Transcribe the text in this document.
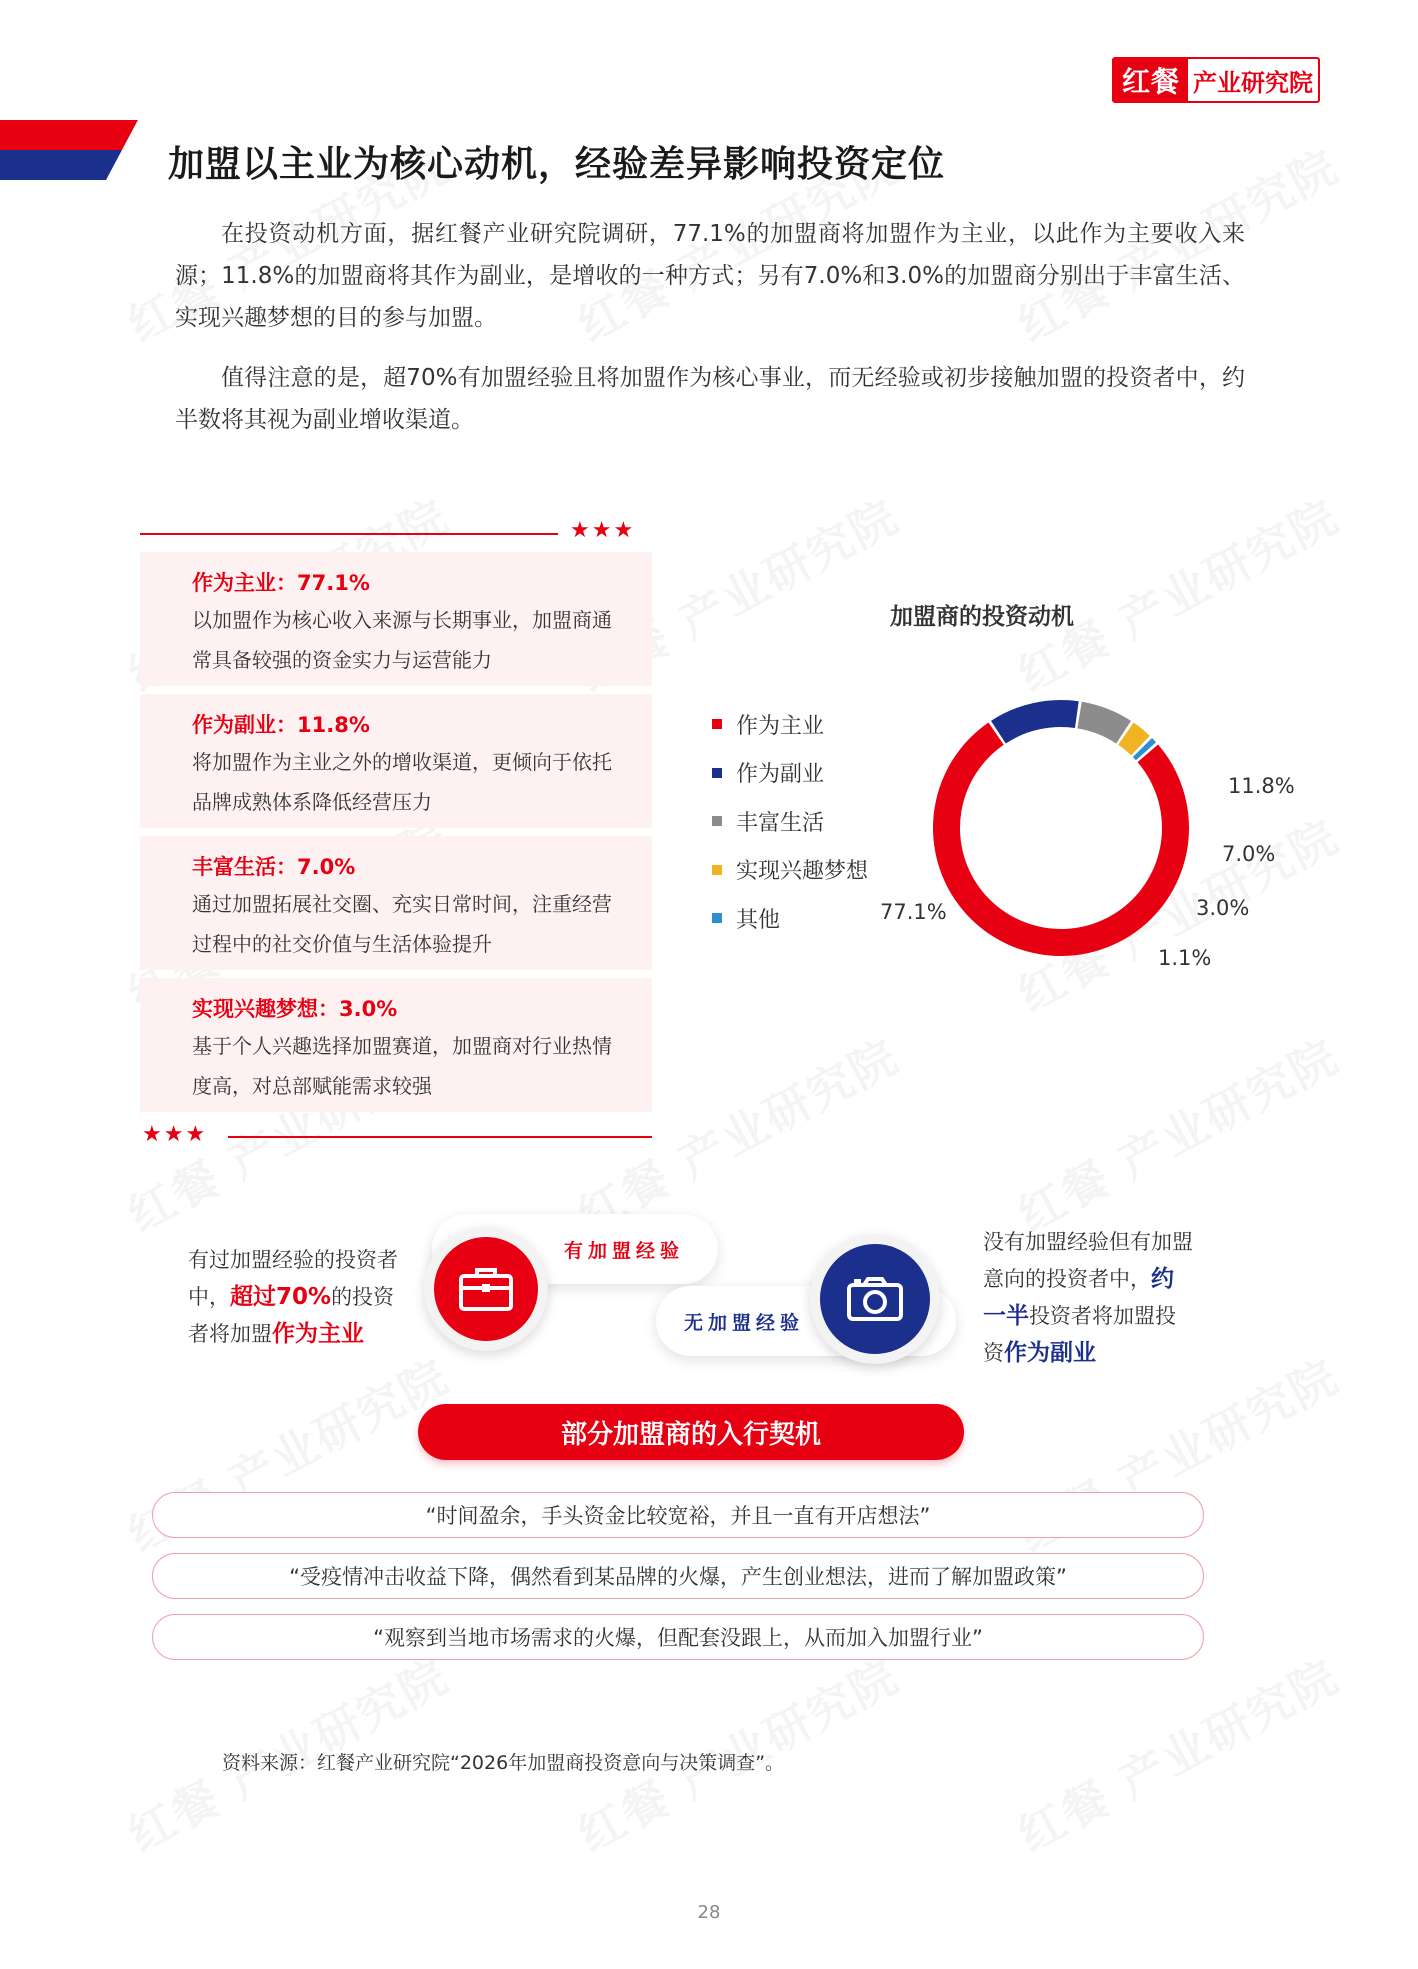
红餐 产业研究院
加盟以主业为核心动机，经验差异影响投资定位
在投资动机方面，据红餐产业研究院调研，77.1%的加盟商将加盟作为主业，以此作为主要收入来源；11.8%的加盟商将其作为副业，是增收的一种方式；另有7.0%和3.0%的加盟商分别出于丰富生活、实现兴趣梦想的目的参与加盟。
值得注意的是，超70%有加盟经验且将加盟作为核心事业，而无经验或初步接触加盟的投资者中，约半数将其视为副业增收渠道。
★★★
★★★
作为主业：77.1%
以加盟作为核心收入来源与长期事业，加盟商通常具备较强的资金实力与运营能力
作为副业：11.8%
将加盟作为主业之外的增收渠道，更倾向于依托品牌成熟体系降低经营压力
丰富生活：7.0%
通过加盟拓展社交圈、充实日常时间，注重经营过程中的社交价值与生活体验提升
实现兴趣梦想：3.0%
基于个人兴趣选择加盟赛道，加盟商对行业热情度高，对总部赋能需求较强
加盟商的投资动机
作为主业
作为副业
丰富生活
实现兴趣梦想
其他	77.1%
11.8%
7.0%
3.0%
1.1%
有过加盟经验的投资者中，超过70%的投资者将加盟作为主业
有加盟经验
无加盟经验
没有加盟经验但有加盟意向的投资者中，约一半投资者将加盟投资作为副业
部分加盟商的入行契机
“时间盈余，手头资金比较宽裕，并且一直有开店想法”
“受疫情冲击收益下降，偶然看到某品牌的火爆，产生创业想法，进而了解加盟政策”
“观察到当地市场需求的火爆，但配套没跟上，从而加入加盟行业”
资料来源：红餐产业研究院“2026年加盟商投资意向与决策调查”。
28
